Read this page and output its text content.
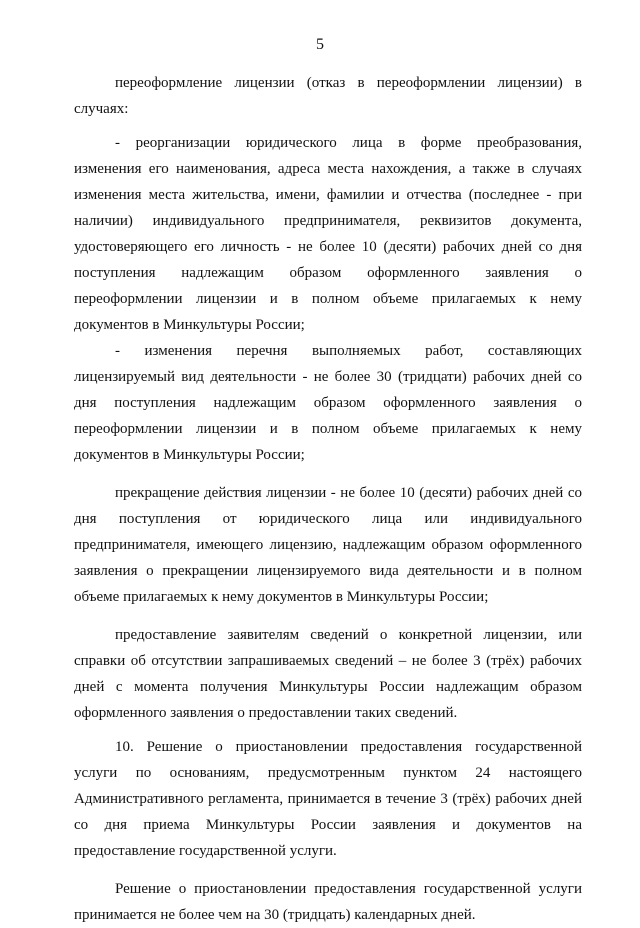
5

переоформление лицензии (отказ в переоформлении лицензии) в случаях:

- реорганизации юридического лица в форме преобразования, изменения его наименования, адреса места нахождения, а также в случаях изменения места жительства, имени, фамилии и отчества (последнее - при наличии) индивидуального предпринимателя, реквизитов документа, удостоверяющего его личность - не более 10 (десяти) рабочих дней со дня поступления надлежащим образом оформленного заявления о переоформлении лицензии и в полном объеме прилагаемых к нему документов в Минкультуры России;

- изменения перечня выполняемых работ, составляющих лицензируемый вид деятельности - не более 30 (тридцати) рабочих дней со дня поступления надлежащим образом оформленного заявления о переоформлении лицензии и в полном объеме прилагаемых к нему документов в Минкультуры России;

прекращение действия лицензии - не более 10 (десяти) рабочих дней со дня поступления от юридического лица или индивидуального предпринимателя, имеющего лицензию, надлежащим образом оформленного заявления о прекращении лицензируемого вида деятельности и в полном объеме прилагаемых к нему документов в Минкультуры России;

предоставление заявителям сведений о конкретной лицензии, или справки об отсутствии запрашиваемых сведений – не более 3 (трёх) рабочих дней с момента получения Минкультуры России надлежащим образом оформленного заявления о предоставлении таких сведений.

10. Решение о приостановлении предоставления государственной услуги по основаниям, предусмотренным пунктом 24 настоящего Административного регламента, принимается в течение 3 (трёх) рабочих дней со дня приема Минкультуры России заявления и документов на предоставление государственной услуги.

Решение о приостановлении предоставления государственной услуги принимается не более чем на 30 (тридцать) календарных дней.
